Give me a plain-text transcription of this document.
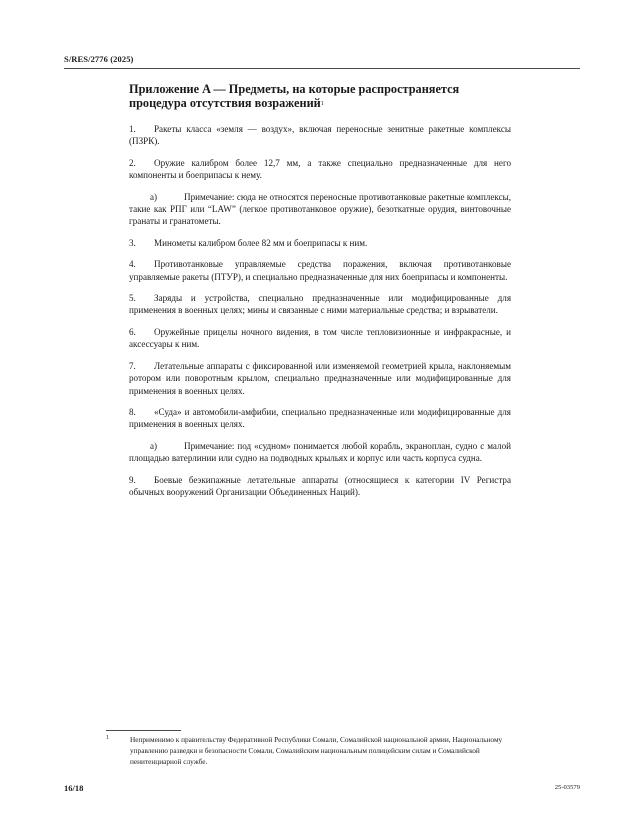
S/RES/2776 (2025)
Приложение A — Предметы, на которые распространяется процедура отсутствия возражений$^1$

1. Ракеты класса «земля — воздух», включая переносные зенитные ракетные комплексы (ПЗРК).

2. Оружие калибром более 12,7 мм, а также специально предназначенные для него компоненты и боеприпасы к нему.

a)	Примечание: сюда не относятся переносные противотанковые ракетные комплексы, такие как РПГ или “LAW” (легкое противотанковое оружие), безоткатные орудия, винтовочные гранаты и гранатометы.

3. Минометы калибром более 82 мм и боеприпасы к ним.

4. Противотанковые управляемые средства поражения, включая противотанковые управляемые ракеты (ПТУР), и специально предназначенные для них боеприпасы и компоненты.

5. Заряды и устройства, специально предназначенные или модифицированные для применения в военных целях; мины и связанные с ними материальные средства; и взрыватели.

6. Оружейные прицелы ночного видения, в том числе тепловизионные и инфракрасные, и аксессуары к ним.

7. Летательные аппараты с фиксированной или изменяемой геометрией крыла, наклоняемым ротором или поворотным крылом, специально предназначенные или модифицированные для применения в военных целях.

8. «Суда» и автомобили-амфибии, специально предназначенные или модифицированные для применения в военных целях.

a)	Примечание: под «судном» понимается любой корабль, экраноплан, судно с малой площадью ватерлинии или судно на подводных крыльях и корпус или часть корпуса судна.

9. Боевые беэкипажные летательные аппараты (относящиеся к категории IV Регистра обычных вооружений Организации Объединенных Наций).

1	Неприменимо к правительству Федеративной Республики Сомали, Сомалийской национальной армии, Национальному управлению разведки и безопасности Сомали, Сомалийским национальным полицейским силам и Сомалийской пенитенциарной службе.
16/18	25-03579
